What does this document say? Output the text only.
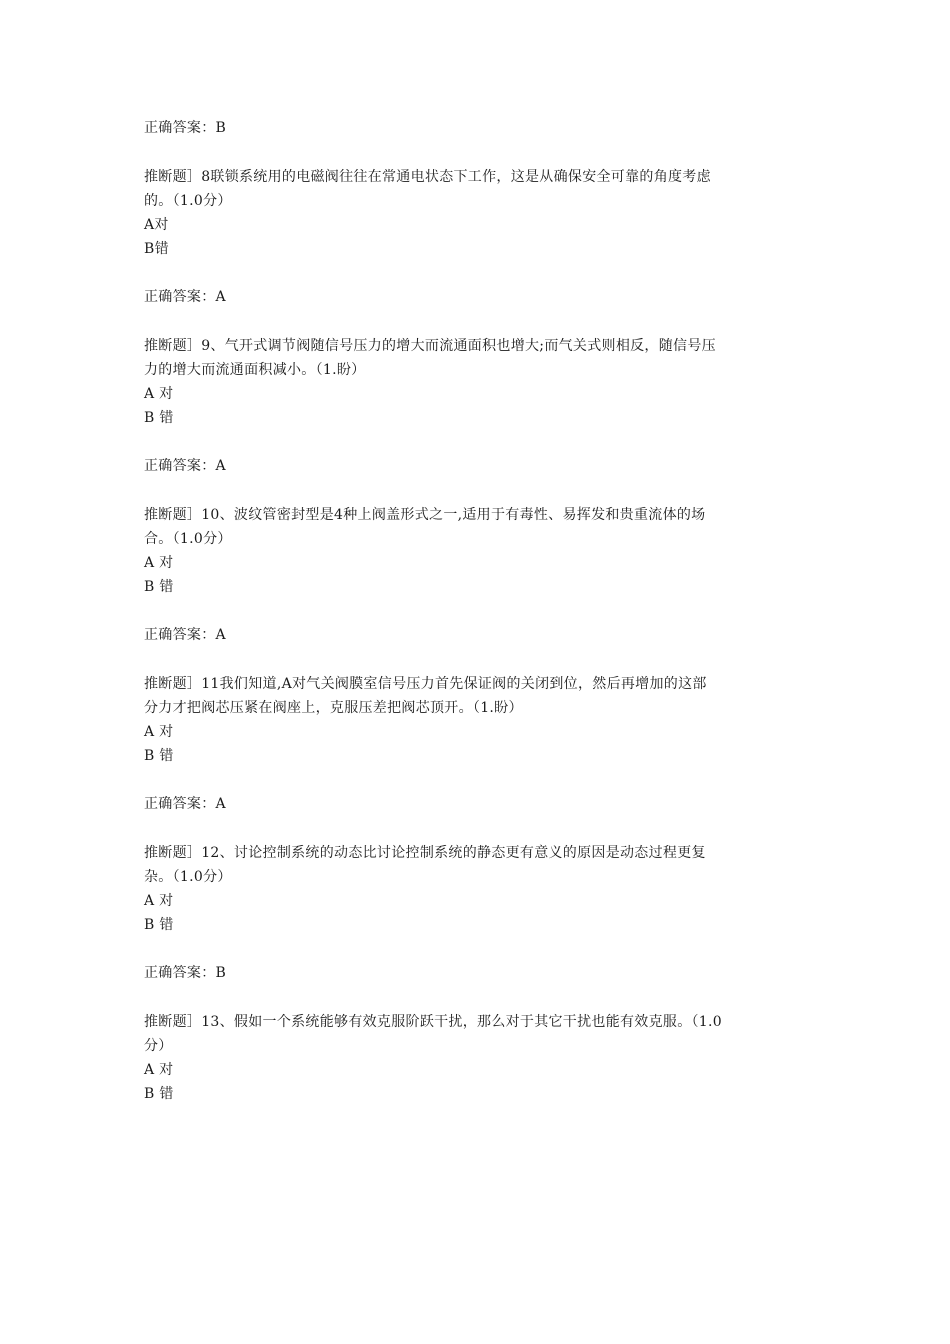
正确答案：B
推断题］8联锁系统用的电磁阀往往在常通电状态下工作，这是从确保安全可靠的角度考虑
的。（1.0分）
A对
B错
正确答案：A
推断题］9、气开式调节阀随信号压力的增大而流通面积也增大;而气关式则相反，随信号压
力的增大而流通面积减小。（1.盼）
A 对
B 错
正确答案：A
推断题］10、波纹管密封型是4种上阀盖形式之一,适用于有毒性、易挥发和贵重流体的场
合。（1.0分）
A 对
B 错
正确答案：A
推断题］11我们知道,A对气关阀膜室信号压力首先保证阀的关闭到位，然后再增加的这部
分力才把阀芯压紧在阀座上，克服压差把阀芯顶开。（1.盼）
A 对
B 错
正确答案：A
推断题］12、讨论控制系统的动态比讨论控制系统的静态更有意义的原因是动态过程更复
杂。（1.0分）
A 对
B 错
正确答案：B
推断题］13、假如一个系统能够有效克服阶跃干扰，那么对于其它干扰也能有效克服。（1.0
分）
A 对
B 错
